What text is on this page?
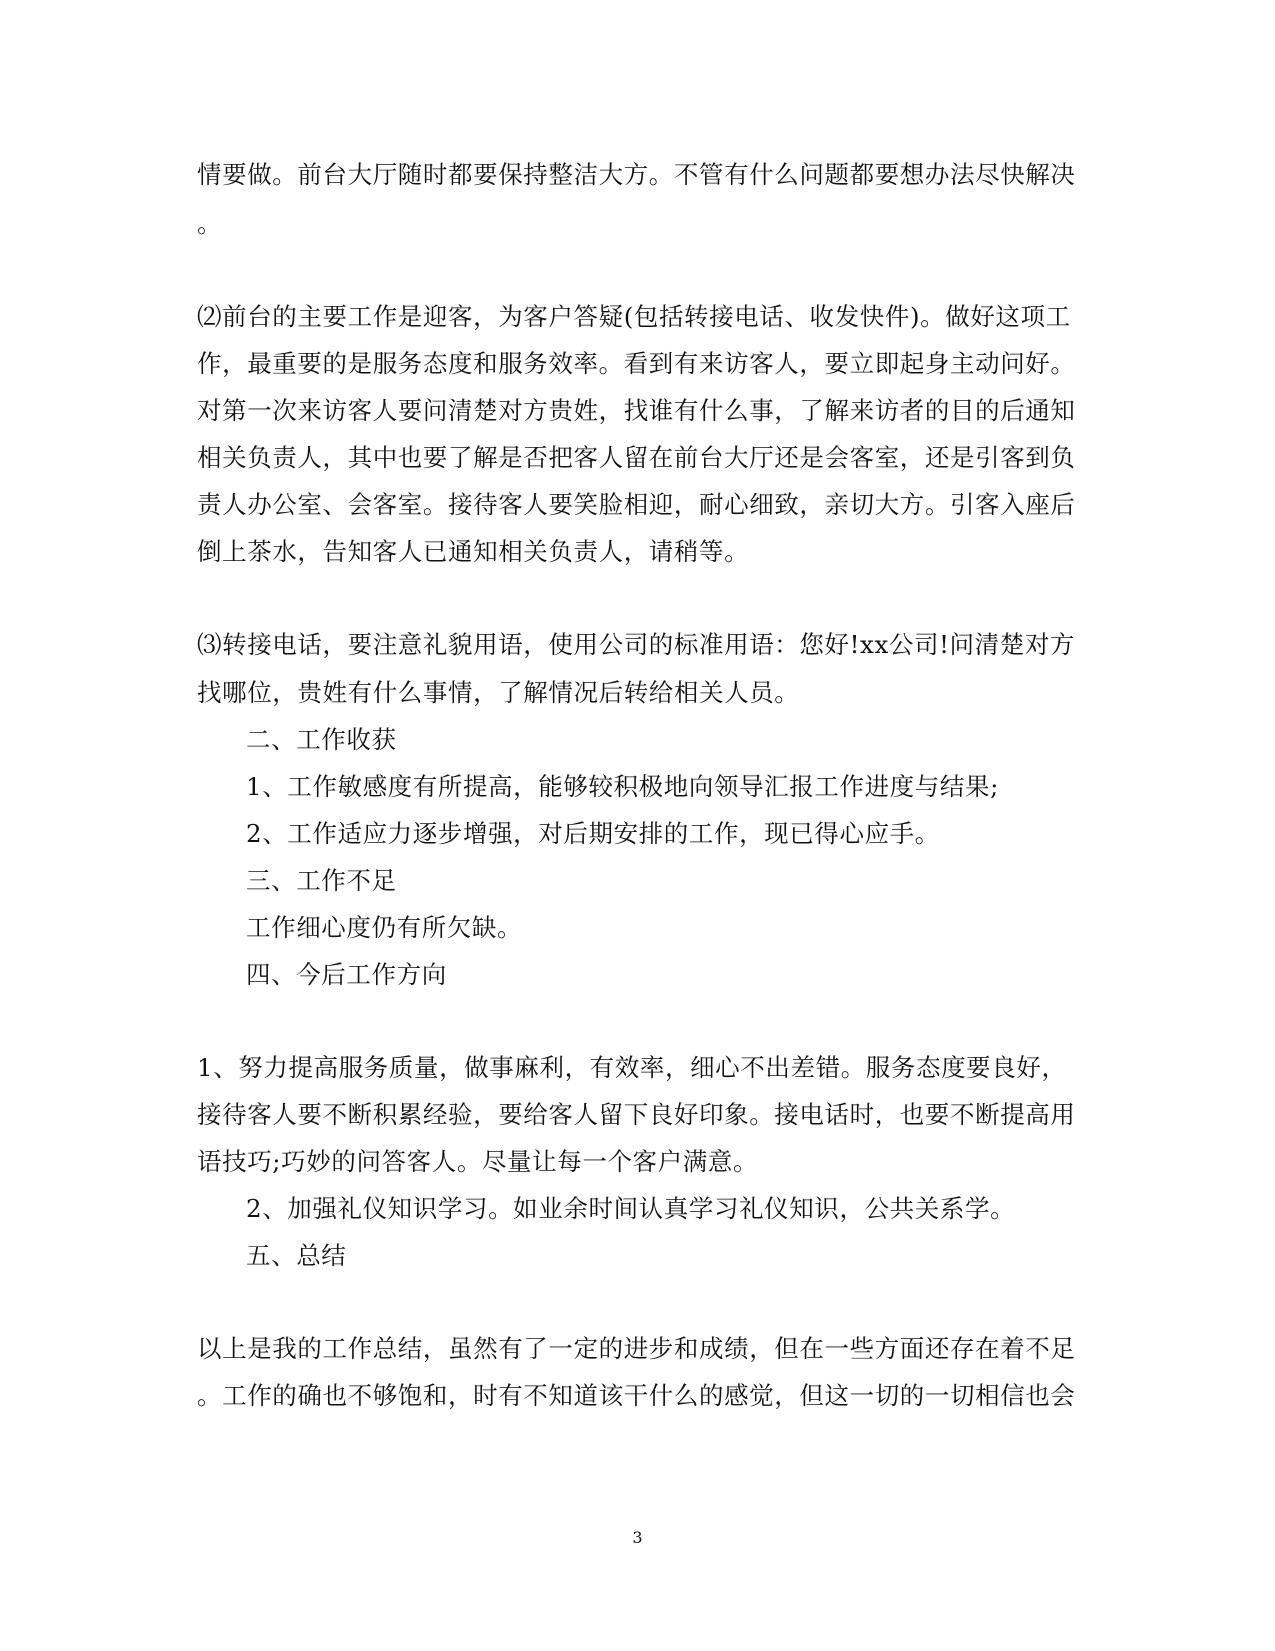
情要做。前台大厅随时都要保持整洁大方。不管有什么问题都要想办法尽快解决
。
⑵前台的主要工作是迎客，为客户答疑(包括转接电话、收发快件)。做好这项工
作，最重要的是服务态度和服务效率。看到有来访客人，要立即起身主动问好。
对第一次来访客人要问清楚对方贵姓，找谁有什么事，了解来访者的目的后通知
相关负责人，其中也要了解是否把客人留在前台大厅还是会客室，还是引客到负
责人办公室、会客室。接待客人要笑脸相迎，耐心细致，亲切大方。引客入座后
倒上茶水，告知客人已通知相关负责人，请稍等。
⑶转接电话，要注意礼貌用语，使用公司的标准用语：您好!xx公司!问清楚对方
找哪位，贵姓有什么事情，了解情况后转给相关人员。
二、工作收获
1、工作敏感度有所提高，能够较积极地向领导汇报工作进度与结果;
2、工作适应力逐步增强，对后期安排的工作，现已得心应手。
三、工作不足
工作细心度仍有所欠缺。
四、今后工作方向
1、努力提高服务质量，做事麻利，有效率，细心不出差错。服务态度要良好，
接待客人要不断积累经验，要给客人留下良好印象。接电话时，也要不断提高用
语技巧;巧妙的问答客人。尽量让每一个客户满意。
2、加强礼仪知识学习。如业余时间认真学习礼仪知识，公共关系学。
五、总结
以上是我的工作总结，虽然有了一定的进步和成绩，但在一些方面还存在着不足
。工作的确也不够饱和，时有不知道该干什么的感觉，但这一切的一切相信也会
3
